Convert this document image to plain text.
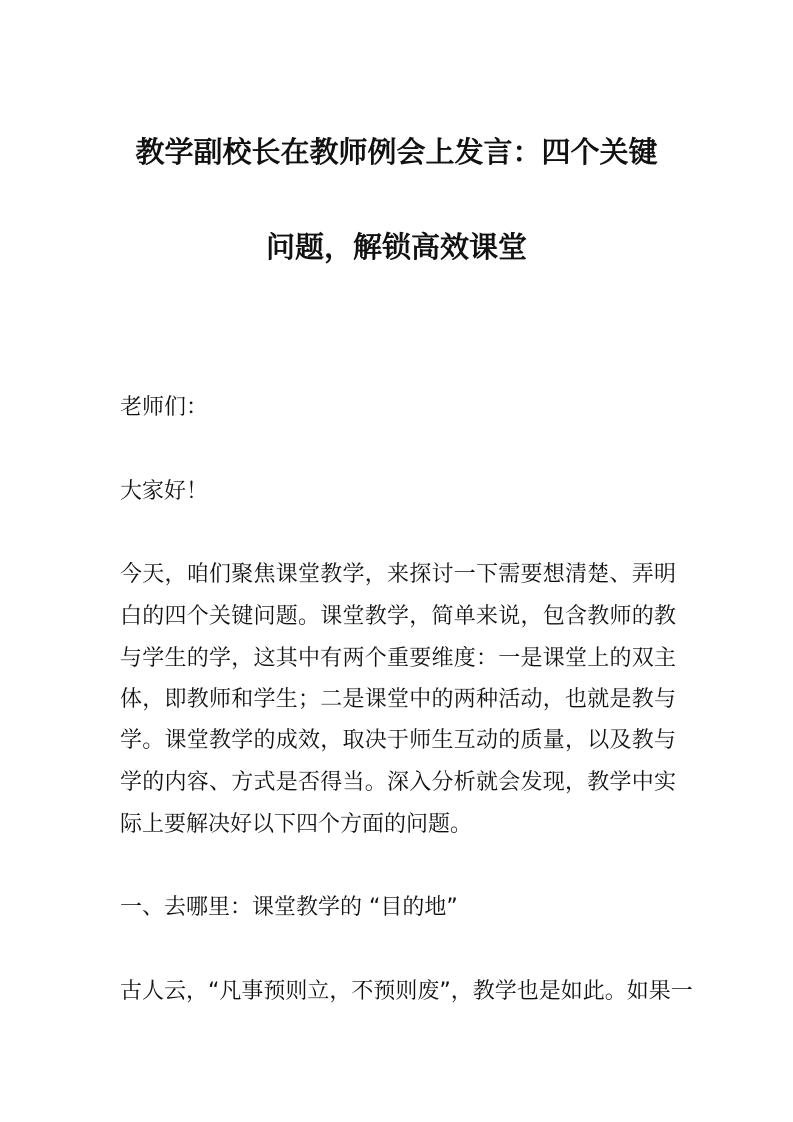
教学副校长在教师例会上发言：四个关键
问题，解锁高效课堂
老师们：
大家好！
今天，咱们聚焦课堂教学，来探讨一下需要想清楚、弄明
白的四个关键问题。课堂教学，简单来说，包含教师的教
与学生的学，这其中有两个重要维度：一是课堂上的双主
体，即教师和学生；二是课堂中的两种活动，也就是教与
学。课堂教学的成效，取决于师生互动的质量，以及教与
学的内容、方式是否得当。深入分析就会发现，教学中实
际上要解决好以下四个方面的问题。
一、去哪里：课堂教学的 “目的地”
古人云，“凡事预则立，不预则废”，教学也是如此。如果一
